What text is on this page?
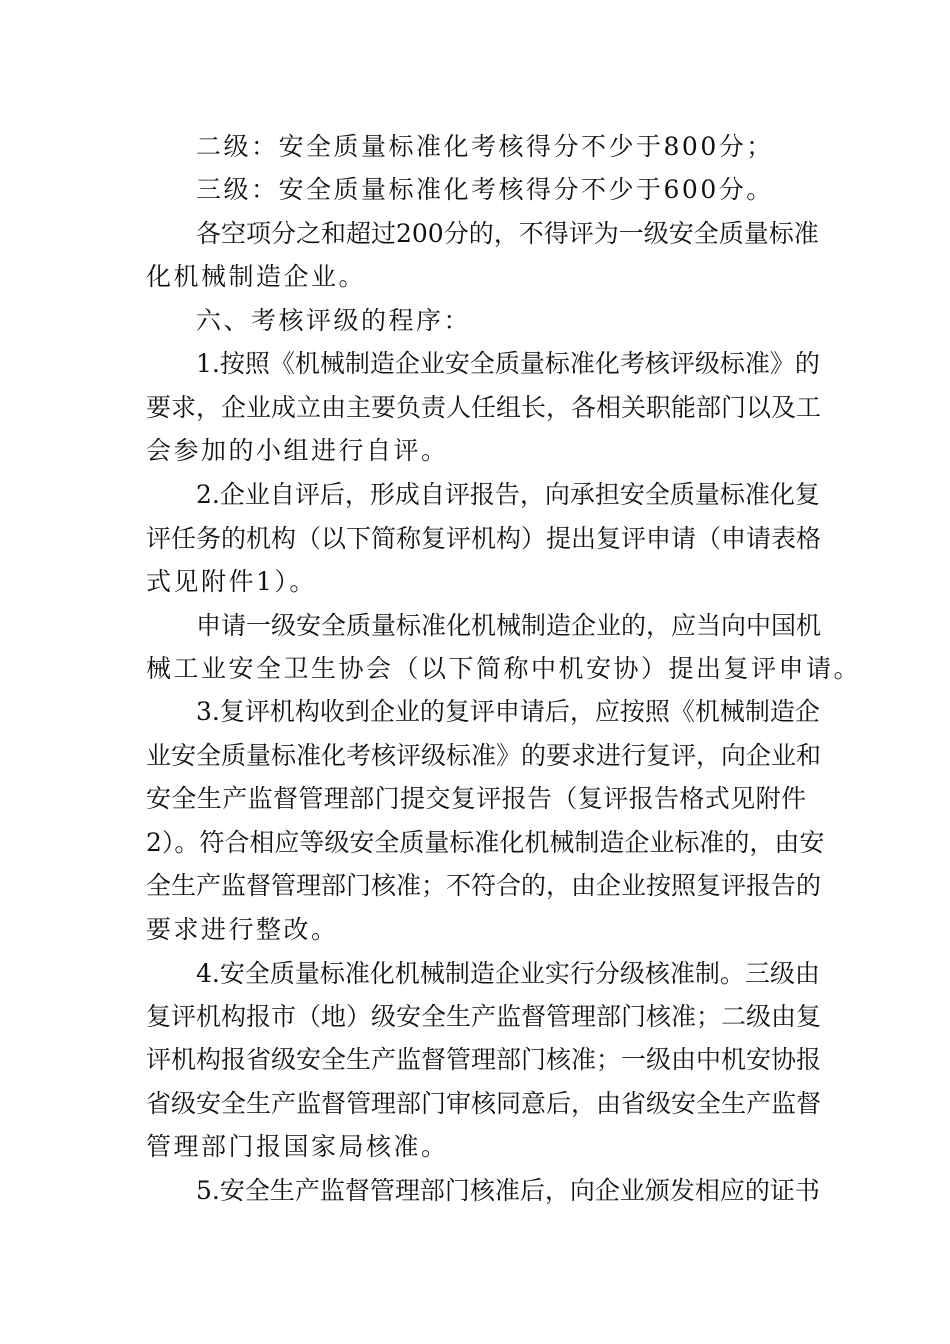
二级：安全质量标准化考核得分不少于800分；
三级：安全质量标准化考核得分不少于600分。
各空项分之和超过200分的，不得评为一级安全质量标准
化机械制造企业。
六、考核评级的程序：
1.按照《机械制造企业安全质量标准化考核评级标准》的
要求，企业成立由主要负责人任组长，各相关职能部门以及工
会参加的小组进行自评。
2.企业自评后，形成自评报告，向承担安全质量标准化复
评任务的机构（以下简称复评机构）提出复评申请（申请表格
式见附件1）。
申请一级安全质量标准化机械制造企业的，应当向中国机
械工业安全卫生协会（以下简称中机安协）提出复评申请。
3.复评机构收到企业的复评申请后，应按照《机械制造企
业安全质量标准化考核评级标准》的要求进行复评，向企业和
安全生产监督管理部门提交复评报告（复评报告格式见附件
2）。符合相应等级安全质量标准化机械制造企业标准的，由安
全生产监督管理部门核准；不符合的，由企业按照复评报告的
要求进行整改。
4.安全质量标准化机械制造企业实行分级核准制。三级由
复评机构报市（地）级安全生产监督管理部门核准；二级由复
评机构报省级安全生产监督管理部门核准；一级由中机安协报
省级安全生产监督管理部门审核同意后，由省级安全生产监督
管理部门报国家局核准。
5.安全生产监督管理部门核准后，向企业颁发相应的证书
